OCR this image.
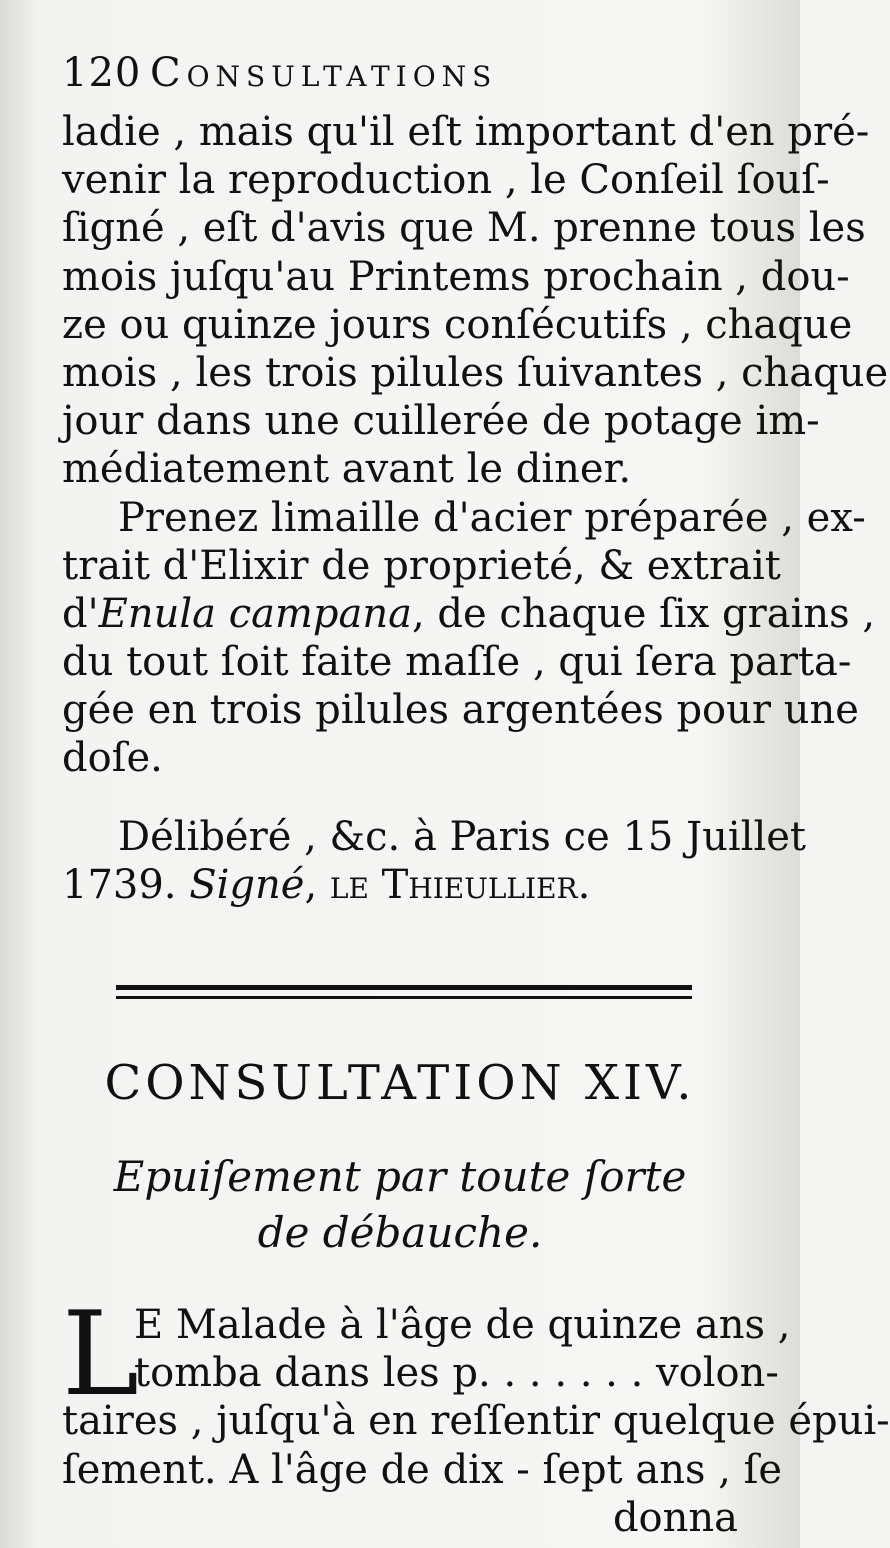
120 Consultations
ladie , mais qu'il eſt important d'en pré-
venir la reproduction , le Conſeil ſouſ-
ſigné , eſt d'avis que M. prenne tous les
mois juſqu'au Printems prochain , dou-
ze ou quinze jours conſécutifs , chaque
mois , les trois pilules ſuivantes , chaque
jour dans une cuillerée de potage im-
médiatement avant le diner.
Prenez limaille d'acier préparée , ex-
trait d'Elixir de proprieté, & extrait
d'Enula campana, de chaque ſix grains ,
du tout ſoit faite maſſe , qui ſera parta-
gée en trois pilules argentées pour une
doſe.
Délibéré , &c. à Paris ce 15 Juillet
1739. Signé, le Thieullier.
CONSULTATION XIV.
Epuiſement par toute ſorte
de débauche.
L
E Malade à l'âge de quinze ans ,
tomba dans les p. . . . . . . volon-
taires , juſqu'à en reſſentir quelque épui-
ſement. A l'âge de dix - ſept ans , ſe
donna
